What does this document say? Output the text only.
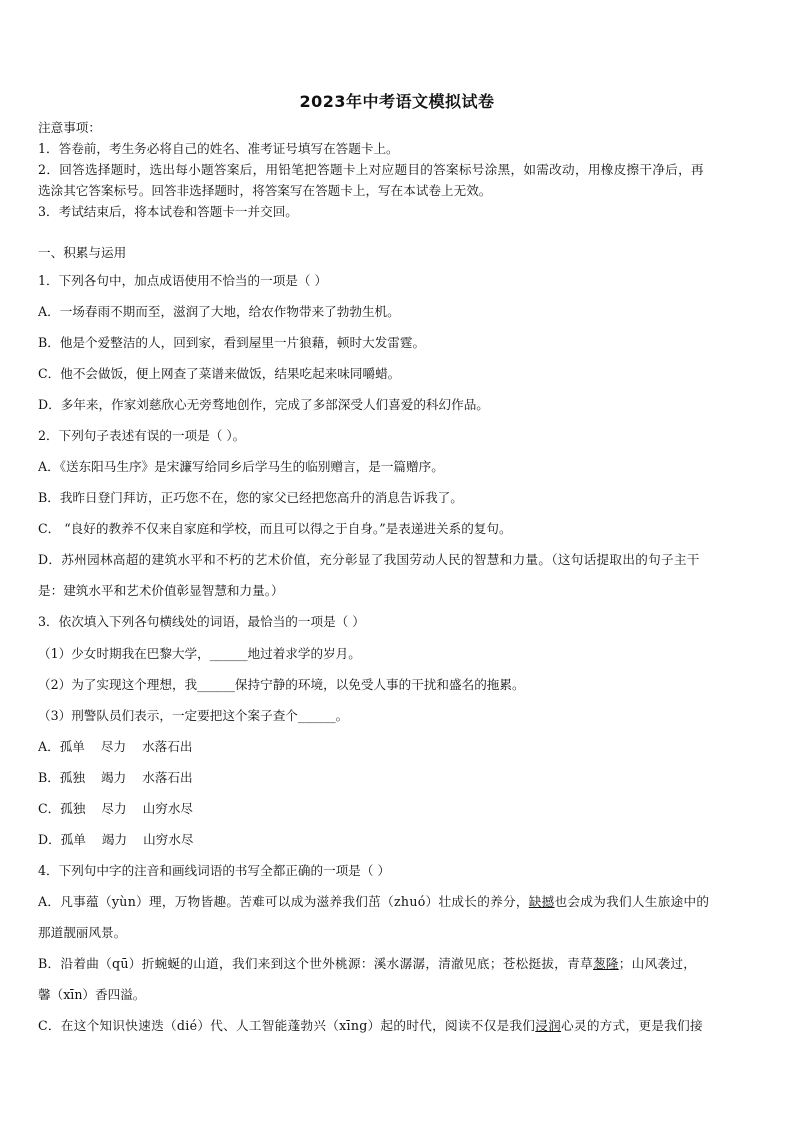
2023年中考语文模拟试卷
注意事项：
1．答卷前，考生务必将自己的姓名、准考证号填写在答题卡上。
2．回答选择题时，选出每小题答案后，用铅笔把答题卡上对应题目的答案标号涂黑，如需改动，用橡皮擦干净后，再
选涂其它答案标号。回答非选择题时，将答案写在答题卡上，写在本试卷上无效。
3．考试结束后，将本试卷和答题卡一并交回。
一、积累与运用
1．下列各句中，加点成语使用不恰当的一项是（ ）
A．一场春雨不期而至，滋润了大地，给农作物带来了勃勃生机。
B．他是个爱整洁的人，回到家，看到屋里一片狼藉，顿时大发雷霆。
C．他不会做饭，便上网查了菜谱来做饭，结果吃起来味同嚼蜡。
D．多年来，作家刘慈欣心无旁骛地创作，完成了多部深受人们喜爱的科幻作品。
2．下列句子表述有误的一项是（ ）。
A．《送东阳马生序》是宋濂写给同乡后学马生的临别赠言，是一篇赠序。
B．我昨日登门拜访，正巧您不在，您的家父已经把您高升的消息告诉我了。
C． “良好的教养不仅来自家庭和学校，而且可以得之于自身。”是表递进关系的复句。
D．苏州园林高超的建筑水平和不朽的艺术价值，充分彰显了我国劳动人民的智慧和力量。（这句话提取出的句子主干
是：建筑水平和艺术价值彰显智慧和力量。）
3．依次填入下列各句横线处的词语，最恰当的一项是（ ）
（1）少女时期我在巴黎大学，______地过着求学的岁月。
（2）为了实现这个理想，我______保持宁静的环境，以免受人事的干扰和盛名的拖累。
（3）刑警队员们表示，一定要把这个案子查个______。
A．孤单    尽力    水落石出
B．孤独    竭力    水落石出
C．孤独    尽力    山穷水尽
D．孤单    竭力    山穷水尽
4．下列句中字的注音和画线词语的书写全都正确的一项是（ ）
A．凡事蕴（yùn）理，万物皆趣。苦难可以成为滋养我们茁（zhuó）壮成长的养分，缺撼也会成为我们人生旅途中的
那道靓丽风景。
B．沿着曲（qū）折蜿蜒的山道，我们来到这个世外桃源：溪水潺潺，清澈见底；苍松挺拔，青草葱隆；山风袭过，
馨（xīn）香四溢。
C．在这个知识快速迭（dié）代、人工智能蓬勃兴（xīng）起的时代，阅读不仅是我们浸润心灵的方式，更是我们接
